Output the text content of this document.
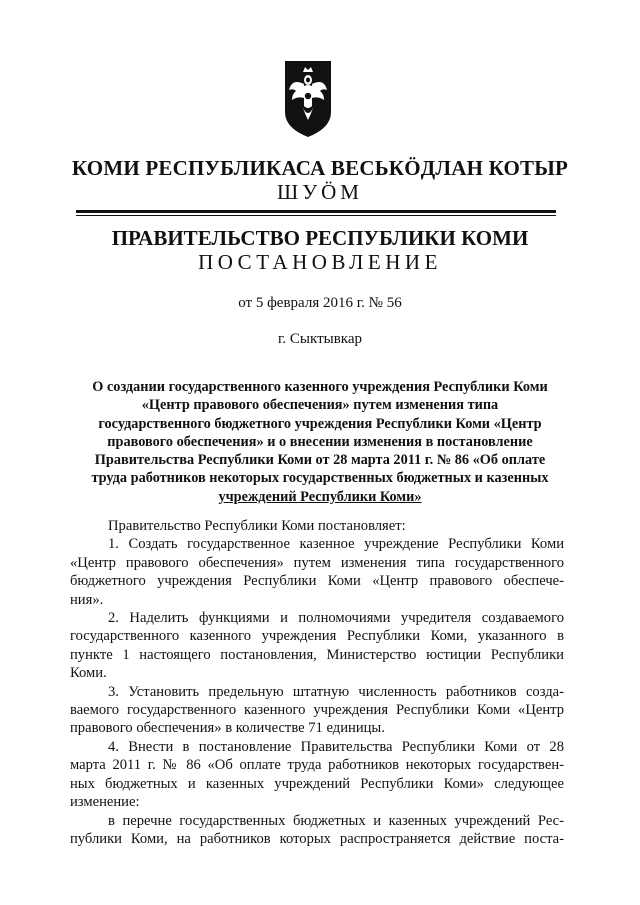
КОМИ РЕСПУБЛИКАСА ВЕСЬКӦДЛАН КОТЫР
ШУӦМ
ПРАВИТЕЛЬСТВО РЕСПУБЛИКИ КОМИ
ПОСТАНОВЛЕНИЕ
от 5 февраля 2016 г. № 56
г. Сыктывкар
О создании государственного казенного учреждения Республики Коми
«Центр правового обеспечения» путем изменения типа
государственного бюджетного учреждения Республики Коми «Центр
правового обеспечения» и о внесении изменения в постановление
Правительства Республики Коми от 28 марта 2011 г. № 86 «Об оплате
труда работников некоторых государственных бюджетных и казенных
учреждений Республики Коми»
Правительство Республики Коми постановляет:
1. Создать государственное казенное учреждение Республики Коми
«Центр правового обеспечения» путем изменения типа государственного
бюджетного учреждения Республики Коми «Центр правового обеспече-
ния».
2. Наделить функциями и полномочиями учредителя создаваемого
государственного казенного учреждения Республики Коми, указанного в
пункте 1 настоящего постановления, Министерство юстиции Республики
Коми.
3. Установить предельную штатную численность работников созда-
ваемого государственного казенного учреждения Республики Коми «Центр
правового обеспечения» в количестве 71 единицы.
4. Внести в постановление Правительства Республики Коми от 28
марта 2011 г. № 86 «Об оплате труда работников некоторых государствен-
ных бюджетных и казенных учреждений Республики Коми» следующее
изменение:
в перечне государственных бюджетных и казенных учреждений Рес-
публики Коми, на работников которых распространяется действие поста-
